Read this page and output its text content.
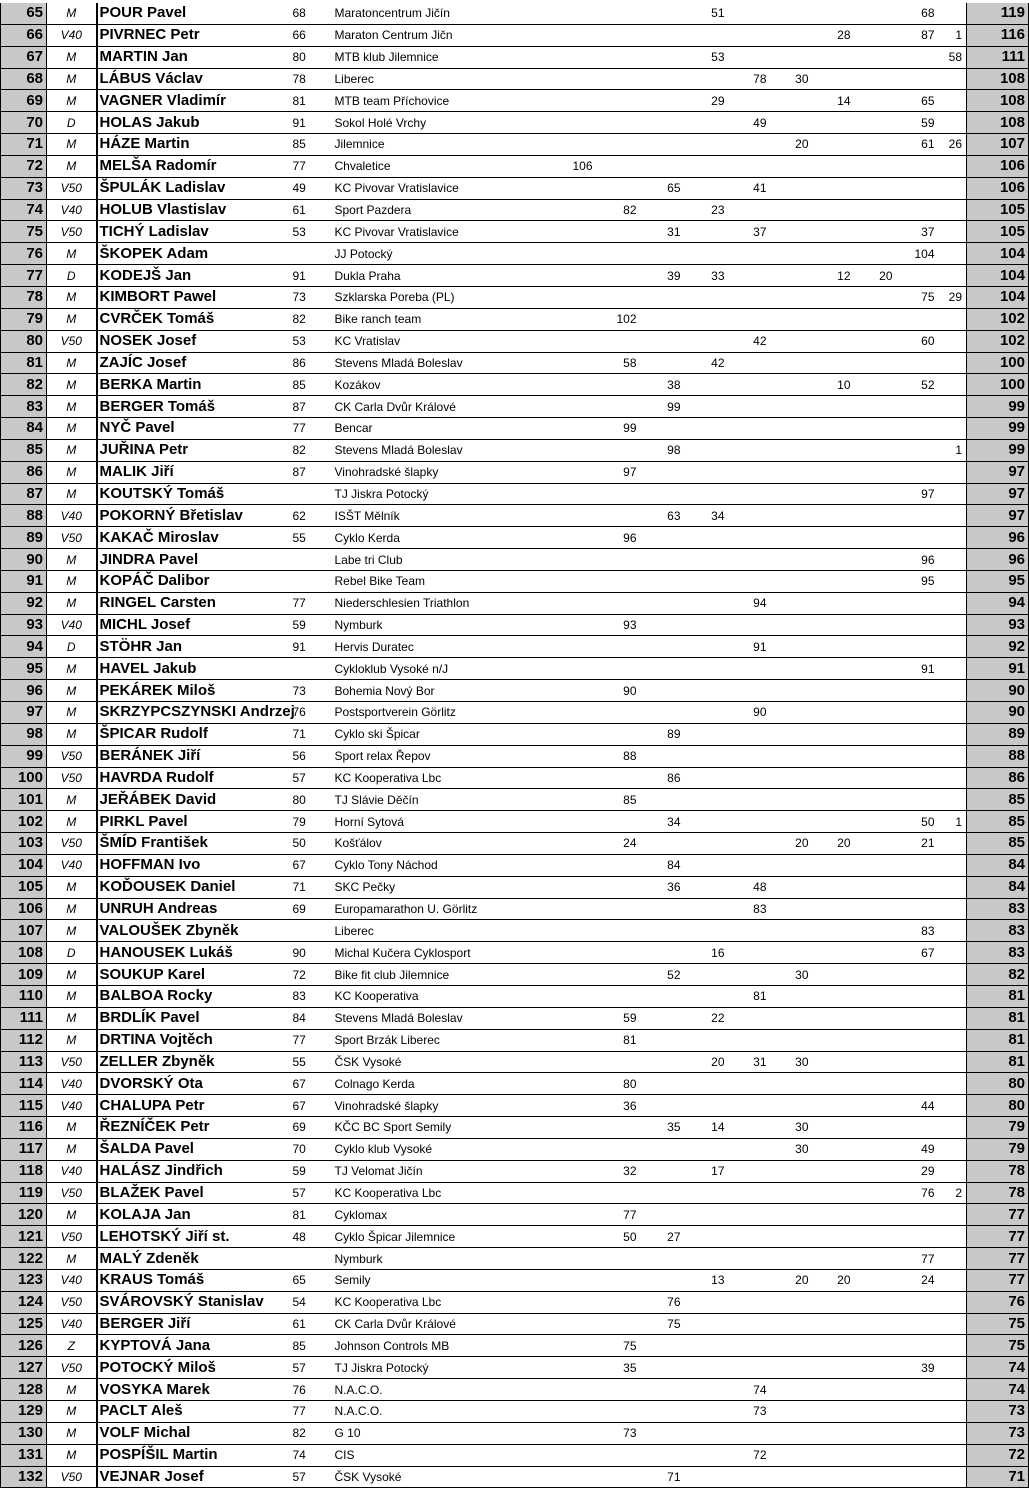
65	M	POUR Pavel	68	Maratoncentrum Jičín					51					68		119
66	V40	PIVRNEC Petr	66	Maraton Centrum Jičn								28		87	1	116
67	M	MARTIN Jan	80	MTB klub Jilemnice					53						58	111
68	M	LÁBUS Václav	78	Liberec						78	30					108
69	M	VAGNER Vladimír	81	MTB team Příchovice					29			14		65		108
70	D	HOLAS Jakub	91	Sokol Holé Vrchy						49				59		108
71	M	HÁZE Martin	85	Jilemnice							20			61	26	107
72	M	MELŠA Radomír	77	Chvaletice		106										106
73	V50	ŠPULÁK Ladislav	49	KC Pivovar Vratislavice				65		41						106
74	V40	HOLUB Vlastislav	61	Sport Pazdera			82		23							105
75	V50	TICHÝ Ladislav	53	KC Pivovar Vratislavice				31		37				37		105
76	M	ŠKOPEK Adam		JJ Potocký										104		104
77	D	KODEJŠ Jan	91	Dukla Praha				39	33			12	20			104
78	M	KIMBORT Pawel	73	Szklarska Poreba (PL)										75	29	104
79	M	CVRČEK Tomáš	82	Bike ranch team			102									102
80	V50	NOSEK Josef	53	KC Vratislav						42				60		102
81	M	ZAJÍC Josef	86	Stevens Mladá Boleslav			58		42							100
82	M	BERKA Martin	85	Kozákov				38				10		52		100
83	M	BERGER Tomáš	87	CK Carla Dvůr Králové				99								99
84	M	NYČ Pavel	77	Bencar			99									99
85	M	JUŘINA Petr	82	Stevens Mladá Boleslav				98							1	99
86	M	MALIK Jiří	87	Vinohradské šlapky			97									97
87	M	KOUTSKÝ Tomáš		TJ Jiskra Potocký										97		97
88	V40	POKORNÝ Břetislav	62	ISŠT Mělník				63	34							97
89	V50	KAKAČ Miroslav	55	Cyklo Kerda			96									96
90	M	JINDRA Pavel		Labe tri Club										96		96
91	M	KOPÁČ Dalibor		Rebel Bike Team										95		95
92	M	RINGEL Carsten	77	Niederschlesien Triathlon						94						94
93	V40	MICHL Josef	59	Nymburk			93									93
94	D	STÖHR Jan	91	Hervis Duratec						91						92
95	M	HAVEL Jakub		Cykloklub Vysoké n/J										91		91
96	M	PEKÁREK Miloš	73	Bohemia Nový Bor			90									90
97	M	SKRZYPCSZYNSKI Andrzej	76	Postsportverein Görlitz						90						90
98	M	ŠPICAR Rudolf	71	Cyklo ski Špicar				89								89
99	V50	BERÁNEK Jiří	56	Sport relax Řepov			88									88
100	V50	HAVRDA Rudolf	57	KC Kooperativa Lbc				86								86
101	M	JEŘÁBEK David	80	TJ Slávie Děčín			85									85
102	M	PIRKL Pavel	79	Horní Sytová				34						50	1	85
103	V50	ŠMÍD František	50	Košťálov			24				20	20		21		85
104	V40	HOFFMAN Ivo	67	Cyklo Tony Náchod				84								84
105	M	KOĎOUSEK Daniel	71	SKC Pečky				36		48						84
106	M	UNRUH Andreas	69	Europamarathon U. Görlitz						83						83
107	M	VALOUŠEK Zbyněk		Liberec										83		83
108	D	HANOUSEK Lukáš	90	Michal Kučera Cyklosport					16					67		83
109	M	SOUKUP Karel	72	Bike fit club Jilemnice				52			30					82
110	M	BALBOA Rocky	83	KC Kooperativa						81						81
111	M	BRDLÍK Pavel	84	Stevens Mladá Boleslav			59		22							81
112	M	DRTINA Vojtěch	77	Sport Brzák Liberec			81									81
113	V50	ZELLER Zbyněk	55	ČSK Vysoké					20	31	30					81
114	V40	DVORSKÝ Ota	67	Colnago Kerda			80									80
115	V40	CHALUPA Petr	67	Vinohradské šlapky			36							44		80
116	M	ŘEZNÍČEK Petr	69	KČC BC Sport Semily				35	14		30					79
117	M	ŠALDA Pavel	70	Cyklo klub Vysoké							30			49		79
118	V40	HALÁSZ Jindřich	59	TJ Velomat Jičín			32		17					29		78
119	V50	BLAŽEK Pavel	57	KC Kooperativa Lbc										76	2	78
120	M	KOLAJA Jan	81	Cyklomax			77									77
121	V50	LEHOTSKÝ Jiří st.	48	Cyklo Špicar Jilemnice			50	27								77
122	M	MALÝ Zdeněk		Nymburk										77		77
123	V40	KRAUS Tomáš	65	Semily					13		20	20		24		77
124	V50	SVÁROVSKÝ Stanislav	54	KC Kooperativa Lbc				76								76
125	V40	BERGER Jiří	61	CK Carla Dvůr Králové				75								75
126	Z	KYPTOVÁ Jana	85	Johnson Controls MB			75									75
127	V50	POTOCKÝ Miloš	57	TJ Jiskra Potocký			35							39		74
128	M	VOSYKA Marek	76	N.A.C.O.						74						74
129	M	PACLT Aleš	77	N.A.C.O.						73						73
130	M	VOLF Michal	82	G 10			73									73
131	M	POSPÍŠIL Martin	74	CIS						72						72
132	V50	VEJNAR Josef	57	ČSK Vysoké				71								71
